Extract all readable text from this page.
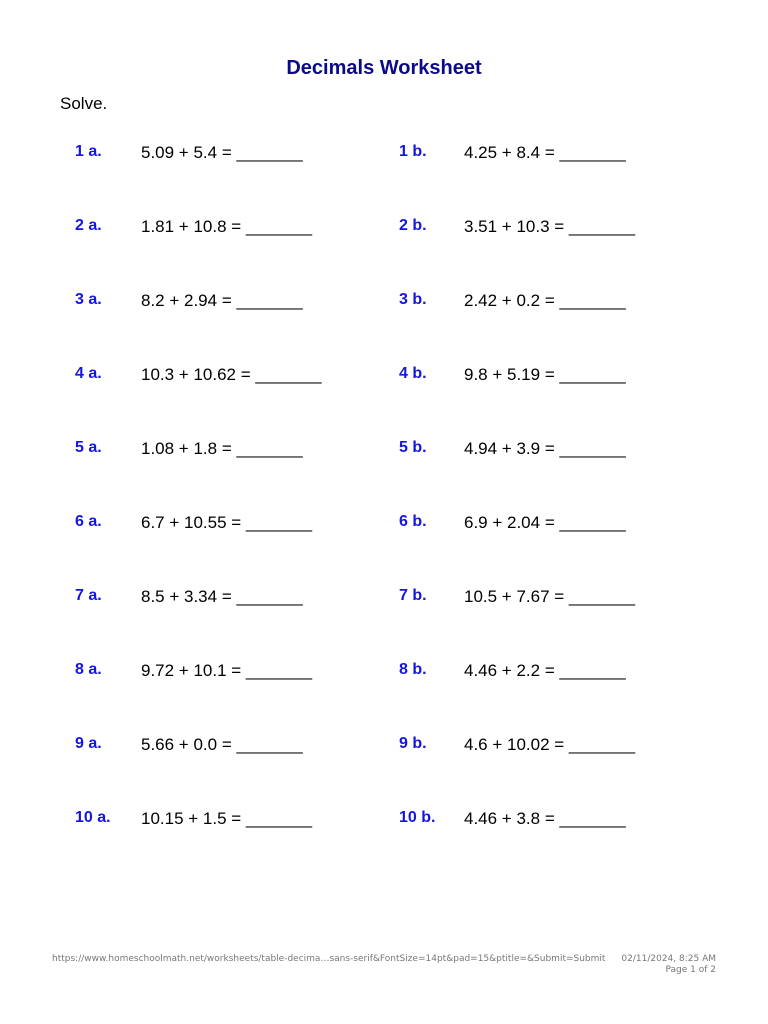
Decimals Worksheet
Solve.
1 a. 5.09 + 5.4 = _______	1 b. 4.25 + 8.4 = _______
2 a. 1.81 + 10.8 = _______	2 b. 3.51 + 10.3 = _______
3 a. 8.2 + 2.94 = _______	3 b. 2.42 + 0.2 = _______
4 a. 10.3 + 10.62 = _______	4 b. 9.8 + 5.19 = _______
5 a. 1.08 + 1.8 = _______	5 b. 4.94 + 3.9 = _______
6 a. 6.7 + 10.55 = _______	6 b. 6.9 + 2.04 = _______
7 a. 8.5 + 3.34 = _______	7 b. 10.5 + 7.67 = _______
8 a. 9.72 + 10.1 = _______	8 b. 4.46 + 2.2 = _______
9 a. 5.66 + 0.0 = _______	9 b. 4.6 + 10.02 = _______
10 a. 10.15 + 1.5 = _______	10 b. 4.46 + 3.8 = _______
https://www.homeschoolmath.net/worksheets/table-decima…sans-serif&FontSize=14pt&pad=15&ptitle=&Submit=Submit 02/11/2024, 8:25 AM
Page 1 of 2
